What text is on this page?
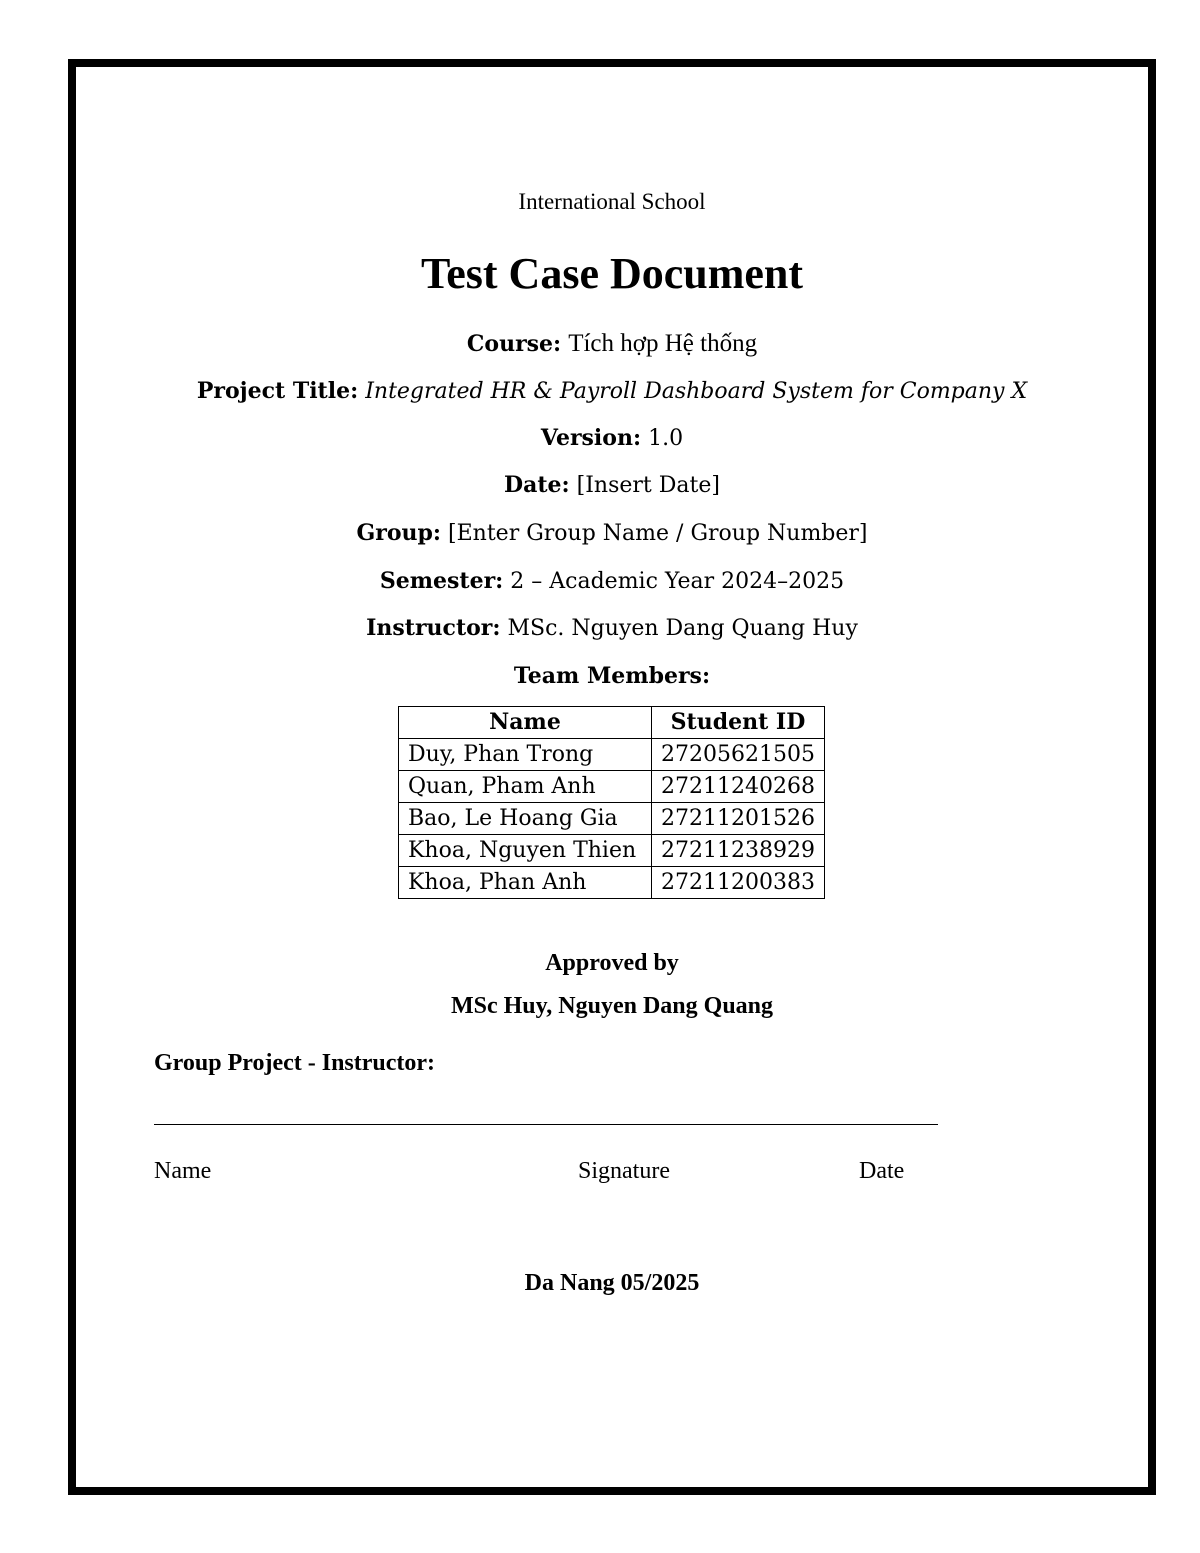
International School
Test Case Document
Course: Tích hợp Hệ thống
Project Title: Integrated HR & Payroll Dashboard System for Company X
Version: 1.0
Date: [Insert Date]
Group: [Enter Group Name / Group Number]
Semester: 2 – Academic Year 2024–2025
Instructor: MSc. Nguyen Dang Quang Huy
Team Members:
Name	Student ID
Duy, Phan Trong	27205621505
Quan, Pham Anh	27211240268
Bao, Le Hoang Gia	27211201526
Khoa, Nguyen Thien	27211238929
Khoa, Phan Anh	27211200383
Approved by
MSc Huy, Nguyen Dang Quang
Group Project - Instructor:
Name	Signature	Date
Da Nang 05/2025
